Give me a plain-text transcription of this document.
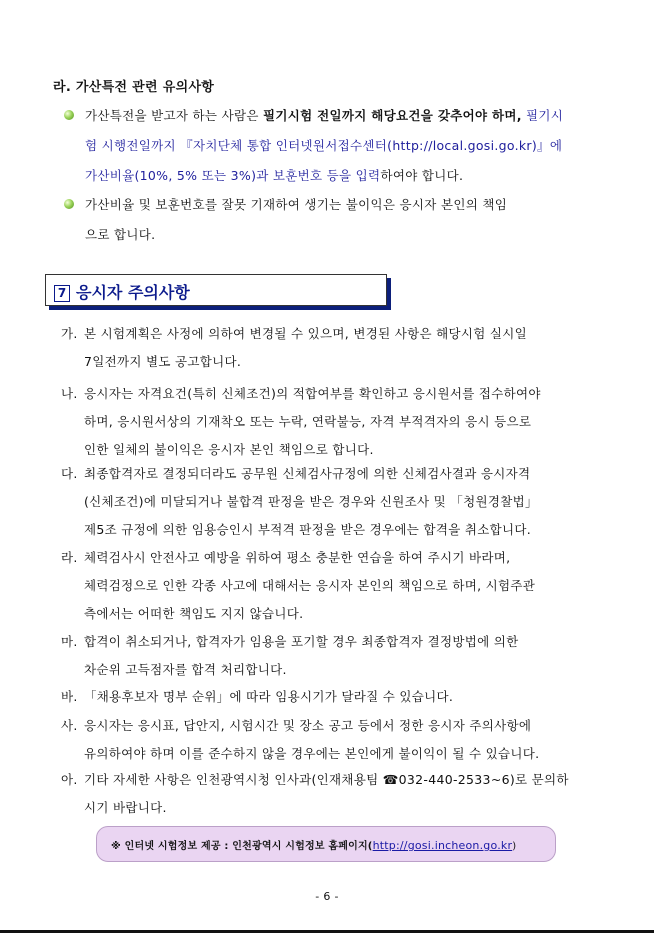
라. 가산특전 관련 유의사항
가산특전을 받고자 하는 사람은 필기시험 전일까지 해당요건을 갖추어야 하며, 필기시
험 시행전일까지 『자치단체 통합 인터넷원서접수센터(http://local.gosi.go.kr)』에
가산비율(10%, 5% 또는 3%)과 보훈번호 등을 입력하여야 합니다.
가산비율 및 보훈번호를 잘못 기재하여 생기는 불이익은 응시자 본인의 책임
으로 합니다.
7 응시자 주의사항
가. 본 시험계획은 사정에 의하여 변경될 수 있으며, 변경된 사항은 해당시험 실시일
7일전까지 별도 공고합니다.
나. 응시자는 자격요건(특히 신체조건)의 적합여부를 확인하고 응시원서를 접수하여야
하며, 응시원서상의 기재착오 또는 누락, 연락불능, 자격 부적격자의 응시 등으로
인한 일체의 불이익은 응시자 본인 책임으로 합니다.
다. 최종합격자로 결정되더라도 공무원 신체검사규정에 의한 신체검사결과 응시자격
(신체조건)에 미달되거나 불합격 판정을 받은 경우와 신원조사 및 「청원경찰법」
제5조 규정에 의한 임용승인시 부적격 판정을 받은 경우에는 합격을 취소합니다.
라. 체력검사시 안전사고 예방을 위하여 평소 충분한 연습을 하여 주시기 바라며,
체력검정으로 인한 각종 사고에 대해서는 응시자 본인의 책임으로 하며, 시험주관
측에서는 어떠한 책임도 지지 않습니다.
마. 합격이 취소되거나, 합격자가 임용을 포기할 경우 최종합격자 결정방법에 의한
차순위 고득점자를 합격 처리합니다.
바. 「채용후보자 명부 순위」에 따라 임용시기가 달라질 수 있습니다.
사. 응시자는 응시표, 답안지, 시험시간 및 장소 공고 등에서 정한 응시자 주의사항에
유의하여야 하며 이를 준수하지 않을 경우에는 본인에게 불이익이 될 수 있습니다.
아. 기타 자세한 사항은 인천광역시청 인사과(인재채용팀 ☎032-440-2533~6)로 문의하
시기 바랍니다.
※ 인터넷 시험정보 제공 : 인천광역시 시험정보 홈페이지(http://gosi.incheon.go.kr)
- 6 -
